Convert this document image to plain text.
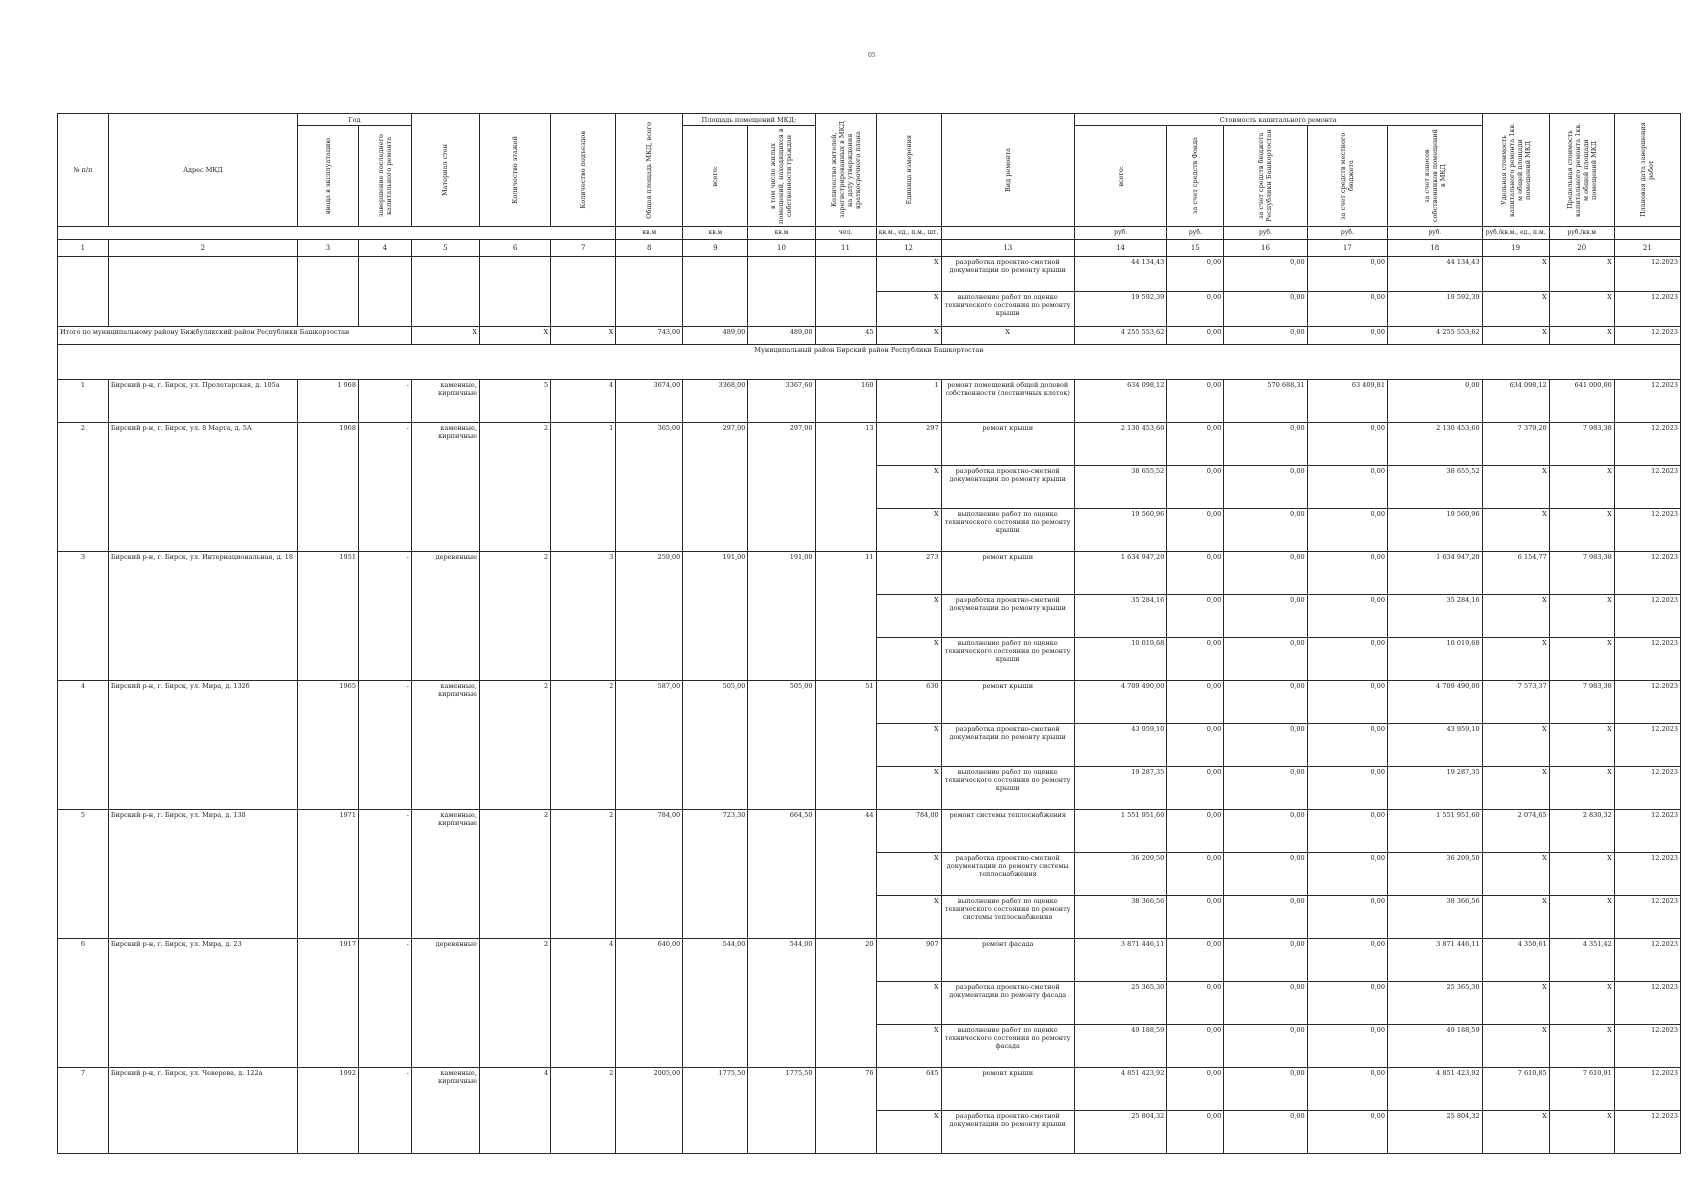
05
№ п/п	Адрес МКД	Год		Материал стен	Количество этажей	Количество подъездов	Общая площадь МКД, всего	Площадь помещений МКД:		Количество жителей, зарегистрированных в МКД на дату утверждения краткосрочного плана	Единица измерения	Вид ремонта	Стоимость капитального ремонта					Удельная стоимость капитального ремонта 1кв. м общей площади помещений МКД	Предельная стоимость капитального ремонта 1кв. м общей площади помещений МКД	Плановая дата завершения работ

		ввода в эксплуатацию	завершение последнего капитального ремонта					всего:	в том числе жилых помещений, находящихся в собственности граждан				всего:	за счет средств Фонда	за счет средств бюджета Республики Башкортостан	за счет средств местного бюджета	за счет взносов собственников помещений в МКД			

							кв.м	кв.м	кв.м	чел.	кв.м., ед., п.м., шт.		руб.	руб.	руб.	руб.	руб.	руб./кв.м., ед., п.м.	руб./кв.м	
1	2	3	4	5	6	7	8	9	10	11	12	13	14	15	16	17	18	19	20	21
											X	разработка проектно-сметной документации по ремонту крыши	44 134,43	0,00	0,00	0,00	44 134,43	X	X	12.2023
											X	выполнение работ по оценке технического состояния по ремонту крыши	19 592,39	0,00	0,00	0,00	19 592,39	X	X	12.2023
Итого по муниципальному району Бижбулякский район Республики Башкортостан				X	X	X	743,00	489,00	489,00	45	X	X	4 255 553,62	0,00	0,00	0,00	4 255 553,62	X	X	12.2023
Муниципальный район Бирский район Республики Башкортостан																				
1	Бирский р-н, г. Бирск, ул. Пролетарская, д. 105а	1 968	-	каменные, кирпичные	5	4	3674,00	3368,00	3367,60	160	1	ремонт помещений общей долевой собственности (лестничных клеток)	634 098,12	0,00	570 688,31	63 409,81	0,00	634 098,12	641 000,00	12.2023
2	Бирский р-н, г. Бирск, ул. 8 Марта, д. 5А	1968	-	каменные, кирпичные	2	1	365,00	297,00	297,00	13	297	ремонт крыши	2 130 453,60	0,00	0,00	0,00	2 130 453,60	7 379,20	7 983,38	12.2023
											X	разработка проектно-сметной документации по ремонту крыши	38 655,52	0,00	0,00	0,00	38 655,52	X	X	12.2023
											X	выполнение работ по оценке технического состояния по ремонту крыши	19 560,96	0,00	0,00	0,00	19 560,96	X	X	12.2023
3	Бирский р-н, г. Бирск, ул. Интернациональная, д. 18	1951	-	деревянные	2	3	259,00	191,00	191,00	11	273	ремонт крыши	1 634 947,20	0,00	0,00	0,00	1 634 947,20	6 154,77	7 983,38	12.2023
											X	разработка проектно-сметной документации по ремонту крыши	35 284,16	0,00	0,00	0,00	35 284,16	X	X	12.2023
											X	выполнение работ по оценке технического состояния по ремонту крыши	10 019,68	0,00	0,00	0,00	10 019,68	X	X	12.2023
4	Бирский р-н, г. Бирск, ул. Мира, д. 132б	1965	-	каменные, кирпичные	2	2	587,00	505,00	505,00	51	630	ремонт крыши	4 709 490,00	0,00	0,00	0,00	4 709 490,00	7 573,37	7 983,38	12.2023
											X	разработка проектно-сметной документации по ремонту крыши	43 959,10	0,00	0,00	0,00	43 959,10	X	X	12.2023
											X	выполнение работ по оценке технического состояния по ремонту крыши	19 287,35	0,00	0,00	0,00	19 287,35	X	X	12.2023
5	Бирский р-н, г. Бирск, ул. Мира, д. 138	1971	-	каменные, кирпичные	2	2	784,00	723,30	664,50	44	784,00	ремонт системы теплоснабжения	1 551 951,60	0,00	0,00	0,00	1 551 951,60	2 074,65	2 830,32	12.2023
											X	разработка проектно-сметной документации по ремонту системы теплоснабжения	36 209,50	0,00	0,00	0,00	36 209,50	X	X	12.2023
											X	выполнение работ по оценке технического состояния по ремонту системы теплоснабжения	38 366,56	0,00	0,00	0,00	38 366,56	X	X	12.2023
6	Бирский р-н, г. Бирск, ул. Мира, д. 23	1917	-	деревянные	2	4	640,00	544,00	544,00	20	907	ремонт фасада	3 871 446,11	0,00	0,00	0,00	3 871 446,11	4 350,61	4 351,42	12.2023
											X	разработка проектно-сметной документации по ремонту фасада	25 365,30	0,00	0,00	0,00	25 365,30	X	X	12.2023
											X	выполнение работ по оценке технического состояния по ремонту фасада	49 188,59	0,00	0,00	0,00	49 188,59	X	X	12.2023
7	Бирский р-н, г. Бирск, ул. Чеверева, д. 122а	1992	-	каменные, кирпичные	4	2	2005,00	1775,50	1775,50	76	645	ремонт крыши	4 851 423,92	0,00	0,00	0,00	4 851 423,92	7 610,85	7 610,91	12.2023
											X	разработка проектно-сметной документации по ремонту крыши	25 804,32	0,00	0,00	0,00	25 804,32	X	X	12.2023
